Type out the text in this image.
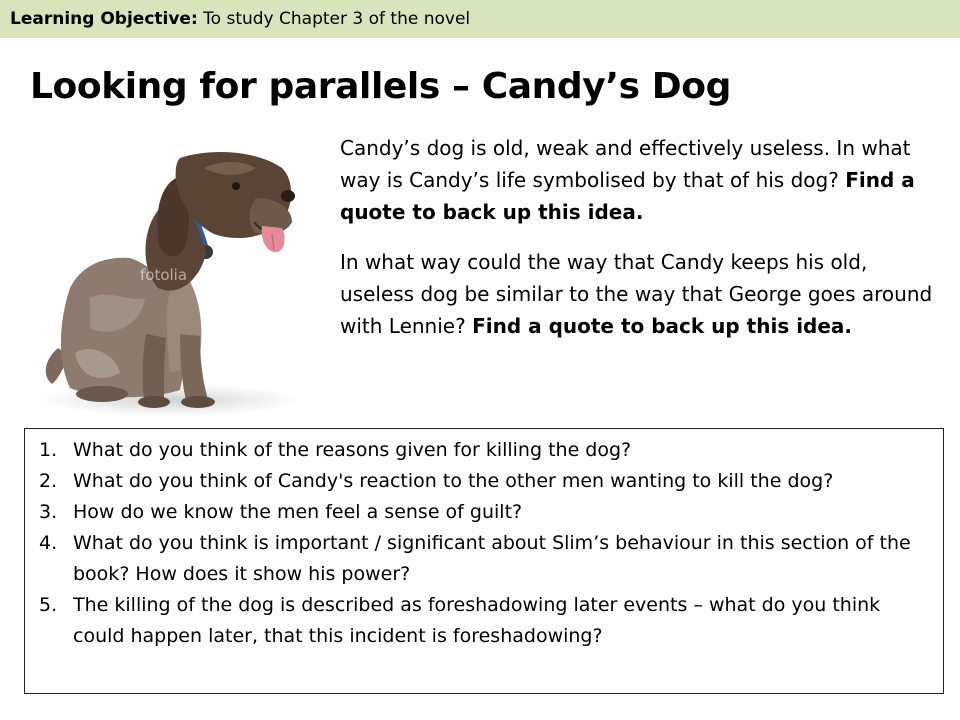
Learning Objective: To study Chapter 3 of the novel
Looking for parallels – Candy’s Dog
fotolia

Candy’s dog is old, weak and effectively useless. In what way is Candy’s life symbolised by that of his dog? Find a quote to back up this idea.

In what way could the way that Candy keeps his old, useless dog be similar to the way that George goes around with Lennie? Find a quote to back up this idea.

1. What do you think of the reasons given for killing the dog?
2. What do you think of Candy's reaction to the other men wanting to kill the dog?
3. How do we know the men feel a sense of guilt?
4. What do you think is important / significant about Slim’s behaviour in this section of the book? How does it show his power?
5. The killing of the dog is described as foreshadowing later events – what do you think could happen later, that this incident is foreshadowing?
